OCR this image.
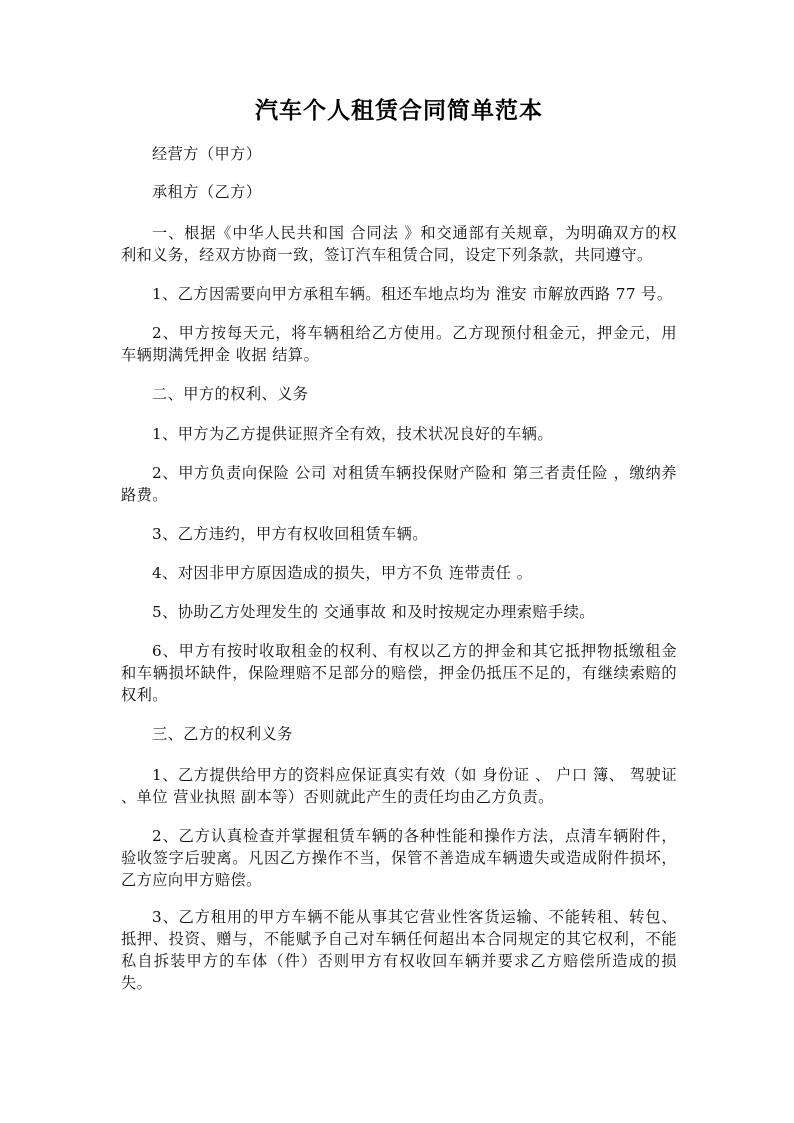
汽车个人租赁合同简单范本

经营方（甲方）

承租方（乙方）

一、根据《中华人民共和国 合同法 》和交通部有关规章，为明确双方的权利和义务，经双方协商一致，签订汽车租赁合同，设定下列条款，共同遵守。

1、乙方因需要向甲方承租车辆。租还车地点均为 淮安 市解放西路 77 号。

2、甲方按每天元，将车辆租给乙方使用。乙方现预付租金元，押金元，用车辆期满凭押金 收据 结算。

二、甲方的权利、义务

1、甲方为乙方提供证照齐全有效，技术状况良好的车辆。

2、甲方负责向保险 公司 对租赁车辆投保财产险和 第三者责任险 ，缴纳养路费。

3、乙方违约，甲方有权收回租赁车辆。

4、对因非甲方原因造成的损失，甲方不负 连带责任 。

5、协助乙方处理发生的 交通事故 和及时按规定办理索赔手续。

6、甲方有按时收取租金的权利、有权以乙方的押金和其它抵押物抵缴租金和车辆损坏缺件，保险理赔不足部分的赔偿，押金仍抵压不足的，有继续索赔的权利。

三、乙方的权利义务

1、乙方提供给甲方的资料应保证真实有效（如 身份证 、 户口 簿、 驾驶证 、单位 营业执照 副本等）否则就此产生的责任均由乙方负责。

2、乙方认真检查并掌握租赁车辆的各种性能和操作方法，点清车辆附件，验收签字后驶离。凡因乙方操作不当，保管不善造成车辆遗失或造成附件损坏，乙方应向甲方赔偿。

3、乙方租用的甲方车辆不能从事其它营业性客货运输、不能转租、转包、抵押、投资、赠与，不能赋予自己对车辆任何超出本合同规定的其它权利，不能私自拆装甲方的车体（件）否则甲方有权收回车辆并要求乙方赔偿所造成的损失。
